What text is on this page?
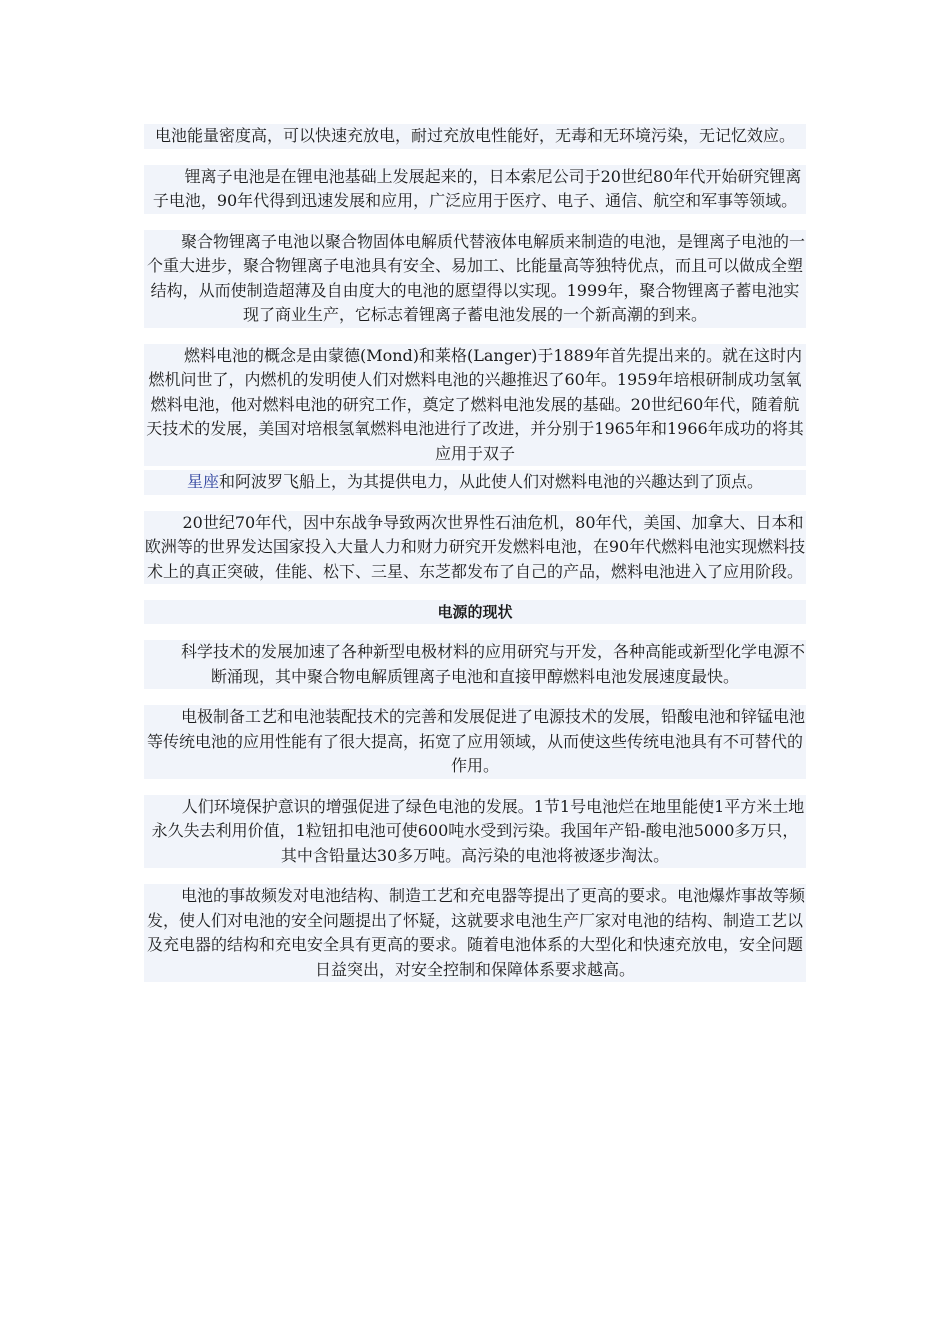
电池能量密度高，可以快速充放电，耐过充放电性能好，无毒和无环境污染，无记忆效应。

锂离子电池是在锂电池基础上发展起来的，日本索尼公司于20世纪80年代开始研究锂离子电池，90年代得到迅速发展和应用，广泛应用于医疗、电子、通信、航空和军事等领域。

聚合物锂离子电池以聚合物固体电解质代替液体电解质来制造的电池，是锂离子电池的一个重大进步，聚合物锂离子电池具有安全、易加工、比能量高等独特优点，而且可以做成全塑结构，从而使制造超薄及自由度大的电池的愿望得以实现。1999年，聚合物锂离子蓄电池实现了商业生产，它标志着锂离子蓄电池发展的一个新高潮的到来。

燃料电池的概念是由蒙德(Mond)和莱格(Langer)于1889年首先提出来的。就在这时内燃机问世了，内燃机的发明使人们对燃料电池的兴趣推迟了60年。1959年培根研制成功氢氧燃料电池，他对燃料电池的研究工作，奠定了燃料电池发展的基础。20世纪60年代，随着航天技术的发展，美国对培根氢氧燃料电池进行了改进，并分别于1965年和1966年成功的将其应用于双子

星座和阿波罗飞船上，为其提供电力，从此使人们对燃料电池的兴趣达到了顶点。

20世纪70年代，因中东战争导致两次世界性石油危机，80年代，美国、加拿大、日本和欧洲等的世界发达国家投入大量人力和财力研究开发燃料电池，在90年代燃料电池实现燃料技术上的真正突破，佳能、松下、三星、东芝都发布了自己的产品，燃料电池进入了应用阶段。

电源的现状

科学技术的发展加速了各种新型电极材料的应用研究与开发，各种高能或新型化学电源不断涌现，其中聚合物电解质锂离子电池和直接甲醇燃料电池发展速度最快。

电极制备工艺和电池装配技术的完善和发展促进了电源技术的发展，铅酸电池和锌锰电池等传统电池的应用性能有了很大提高，拓宽了应用领域，从而使这些传统电池具有不可替代的作用。

人们环境保护意识的增强促进了绿色电池的发展。1节1号电池烂在地里能使1平方米土地永久失去利用价值，1粒钮扣电池可使600吨水受到污染。我国年产铅-酸电池5000多万只，其中含铅量达30多万吨。高污染的电池将被逐步淘汰。

电池的事故频发对电池结构、制造工艺和充电器等提出了更高的要求。电池爆炸事故等频发，使人们对电池的安全问题提出了怀疑，这就要求电池生产厂家对电池的结构、制造工艺以及充电器的结构和充电安全具有更高的要求。随着电池体系的大型化和快速充放电，安全问题日益突出，对安全控制和保障体系要求越高。
